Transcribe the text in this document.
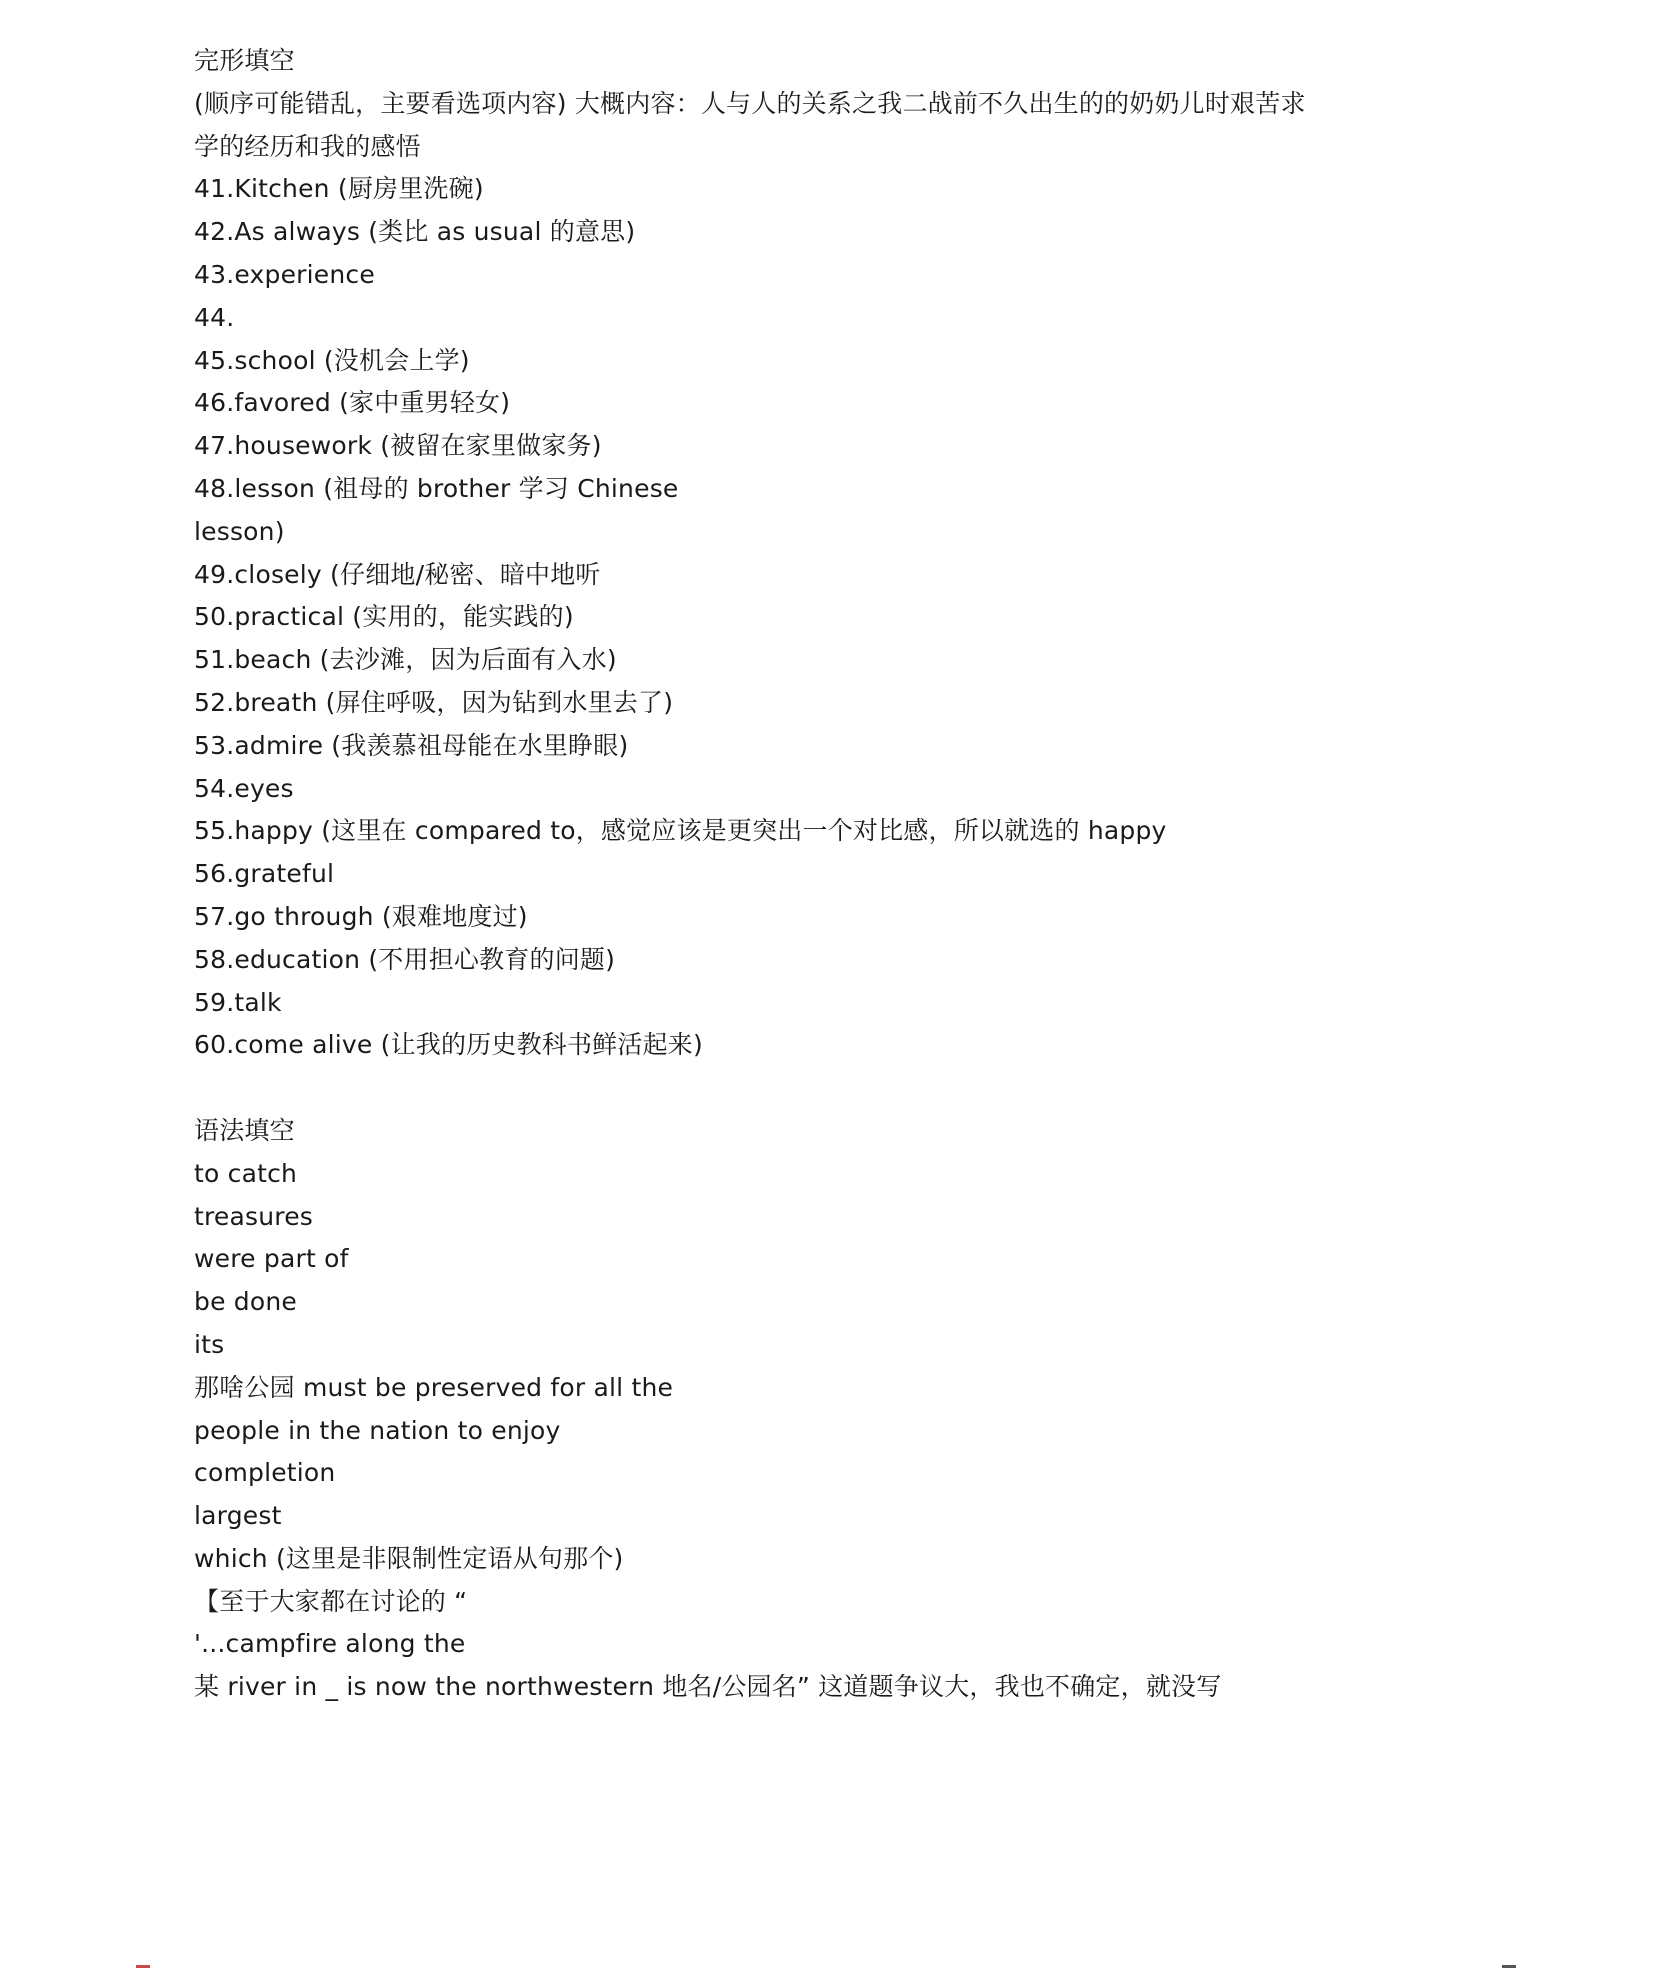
完形填空
(顺序可能错乱，主要看选项内容) 大概内容：人与人的关系之我二战前不久出生的的奶奶儿时艰苦求
学的经历和我的感悟
41.Kitchen (厨房里洗碗)
42.As always (类比 as usual 的意思)
43.experience
44.
45.school (没机会上学)
46.favored (家中重男轻女)
47.housework (被留在家里做家务)
48.lesson (祖母的 brother 学习 Chinese
lesson)
49.closely (仔细地/秘密、暗中地听
50.practical (实用的，能实践的)
51.beach (去沙滩，因为后面有入水)
52.breath (屏住呼吸，因为钻到水里去了)
53.admire (我羡慕祖母能在水里睁眼)
54.eyes
55.happy (这里在 compared to，感觉应该是更突出一个对比感，所以就选的 happy
56.grateful
57.go through (艰难地度过)
58.education (不用担心教育的问题)
59.talk
60.come alive (让我的历史教科书鲜活起来)
语法填空
to catch
treasures
were part of
be done
its
那啥公园 must be preserved for all the
people in the nation to enjoy
completion
largest
which (这里是非限制性定语从句那个)
【至于大家都在讨论的 “
'...campfire along the
某 river in _ is now the northwestern 地名/公园名” 这道题争议大，我也不确定，就没写
